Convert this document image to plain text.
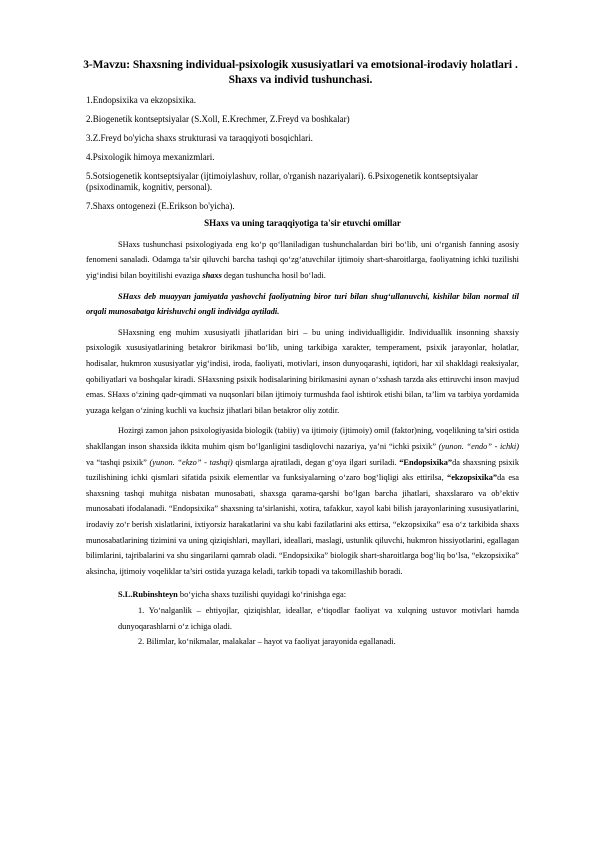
3-Mavzu: Shaxsning individual-psixologik xususiyatlari va emotsional-irodaviy holatlari .
Shaxs va individ tushunchasi.
1.Endopsixika va ekzopsixika.
2.Biogenetik kontseptsiyalar (S.Xoll, E.Krechmer, Z.Freyd va boshkalar)
3.Z.Freyd bo'yicha shaxs strukturasi va taraqqiyoti bosqichlari.
4.Psixologik himoya mexanizmlari.
5.Sotsiogenetik kontseptsiyalar (ijtimoiylashuv, rollar, o'rganish nazariyalari). 6.Psixogenetik kontseptsiyalar (psixodinamik, kognitiv, personal).
7.Shaxs ontogenezi (E.Erikson bo'yicha).
SHaxs va uning taraqqiyotiga ta'sir etuvchi omillar

SHaxs tushunchasi psixologiyada eng ko‘p qo‘llaniladigan tushunchalardan biri bo‘lib, uni o‘rganish fanning asosiy fenomeni sanaladi. Odamga ta’sir qiluvchi barcha tashqi qo‘zg‘atuvchilar ijtimoiy shart-sharoitlarga, faoliyatning ichki tuzilishi yig‘indisi bilan boyitilishi evaziga shaxs degan tushuncha hosil bo‘ladi.

SHaxs deb muayyan jamiyatda yashovchi faoliyatning biror turi bilan shug‘ullanuvchi, kishilar bilan normal til orqali munosabatga kirishuvchi ongli individga aytiladi.

SHaxsning eng muhim xususiyatli jihatlaridan biri – bu uning individualligidir. Individuallik insonning shaxsiy psixologik xususiyatlarining betakror birikmasi bo‘lib, uning tarkibiga xarakter, temperament, psixik jarayonlar, holatlar, hodisalar, hukmron xususiyatlar yig‘indisi, iroda, faoliyati, motivlari, inson dunyoqarashi, iqtidori, har xil shakldagi reaksiyalar, qobiliyatlari va boshqalar kiradi. SHaxsning psixik hodisalarining birikmasini aynan o‘xshash tarzda aks ettiruvchi inson mavjud emas. SHaxs o‘zining qadr-qimmati va nuqsonlari bilan ijtimoiy turmushda faol ishtirok etishi bilan, ta’lim va tarbiya yordamida yuzaga kelgan o‘zining kuchli va kuchsiz jihatlari bilan betakror oliy zotdir.

Hozirgi zamon jahon psixologiyasida biologik (tabiiy) va ijtimoiy (ijtimoiy) omil (faktor)ning, voqelikning ta’siri ostida shakllangan inson shaxsida ikkita muhim qism bo‘lganligini tasdiqlovchi nazariya, ya’ni “ichki psixik” (yunon. “endo” - ichki) va “tashqi psixik” (yunon. “ekzo” - tashqi) qismlarga ajratiladi, degan g‘oya ilgari suriladi. “Endopsixika”da shaxsning psixik tuzilishining ichki qismlari sifatida psixik elementlar va funksiyalarning o‘zaro bog‘liqligi aks ettirilsa, “ekzopsixika”da esa shaxsning tashqi muhitga nisbatan munosabati, shaxsga qarama-qarshi bo‘lgan barcha jihatlari, shaxslararo va ob’ektiv munosabati ifodalanadi. “Endopsixika” shaxsning ta’sirlanishi, xotira, tafakkur, xayol kabi bilish jarayonlarining xususiyatlarini, irodaviy zo‘r berish xislatlarini, ixtiyorsiz harakatlarini va shu kabi fazilatlarini aks ettirsa, “ekzopsixika” esa o‘z tarkibida shaxs munosabatlarining tizimini va uning qiziqishlari, mayllari, ideallari, maslagi, ustunlik qiluvchi, hukmron hissiyotlarini, egallagan bilimlarini, tajribalarini va shu singarilarni qamrab oladi. “Endopsixika” biologik shart-sharoitlarga bog‘liq bo‘lsa, “ekzopsixika” aksincha, ijtimoiy voqeliklar ta’siri ostida yuzaga keladi, tarkib topadi va takomillashib boradi.

S.L.Rubinshteyn bo‘yicha shaxs tuzilishi quyidagi ko‘rinishga ega:

1. Yo‘nalganlik – ehtiyojlar, qiziqishlar, ideallar, e’tiqodlar faoliyat va xulqning ustuvor motivlari hamda dunyoqarashlarni o‘z ichiga oladi.

2. Bilimlar, ko‘nikmalar, malakalar – hayot va faoliyat jarayonida egallanadi.
